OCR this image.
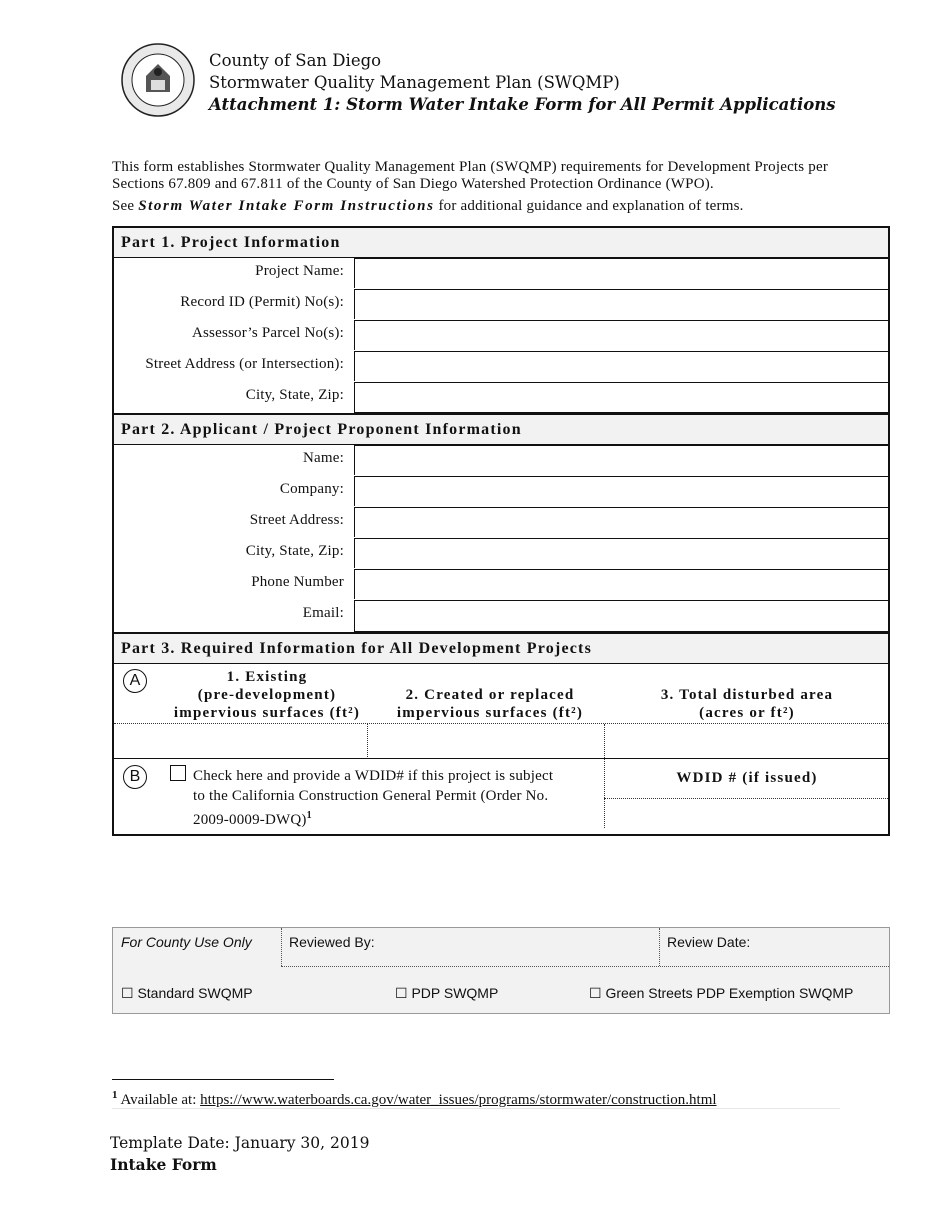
County of San Diego
Stormwater Quality Management Plan (SWQMP)
Attachment 1: Storm Water Intake Form for All Permit Applications
This form establishes Stormwater Quality Management Plan (SWQMP) requirements for Development Projects per Sections 67.809 and 67.811 of the County of San Diego Watershed Protection Ordinance (WPO).
See Storm Water Intake Form Instructions for additional guidance and explanation of terms.
Part 1. Project Information
Project Name:
Record ID (Permit) No(s):
Assessor’s Parcel No(s):
Street Address (or Intersection):
City, State, Zip:
Part 2. Applicant / Project Proponent Information
Name:
Company:
Street Address:
City, State, Zip:
Phone Number
Email:
Part 3. Required Information for All Development Projects
A	1. Existing
(pre-development)
impervious surfaces (ft²)
2. Created or replaced
impervious surfaces (ft²)
3. Total disturbed area
(acres or ft²)
B	Check here and provide a WDID# if this project is subject
to the California Construction General Permit (Order No.
2009-0009-DWQ)$^1$
WDID # (if issued)
For County Use Only	Reviewed By:	Review Date:
☐ Standard SWQMP	☐ PDP SWQMP	☐ Green Streets PDP Exemption SWQMP
$^1$ Available at: https://www.waterboards.ca.gov/water_issues/programs/stormwater/construction.html
Template Date: January 30, 2019
Intake Form
